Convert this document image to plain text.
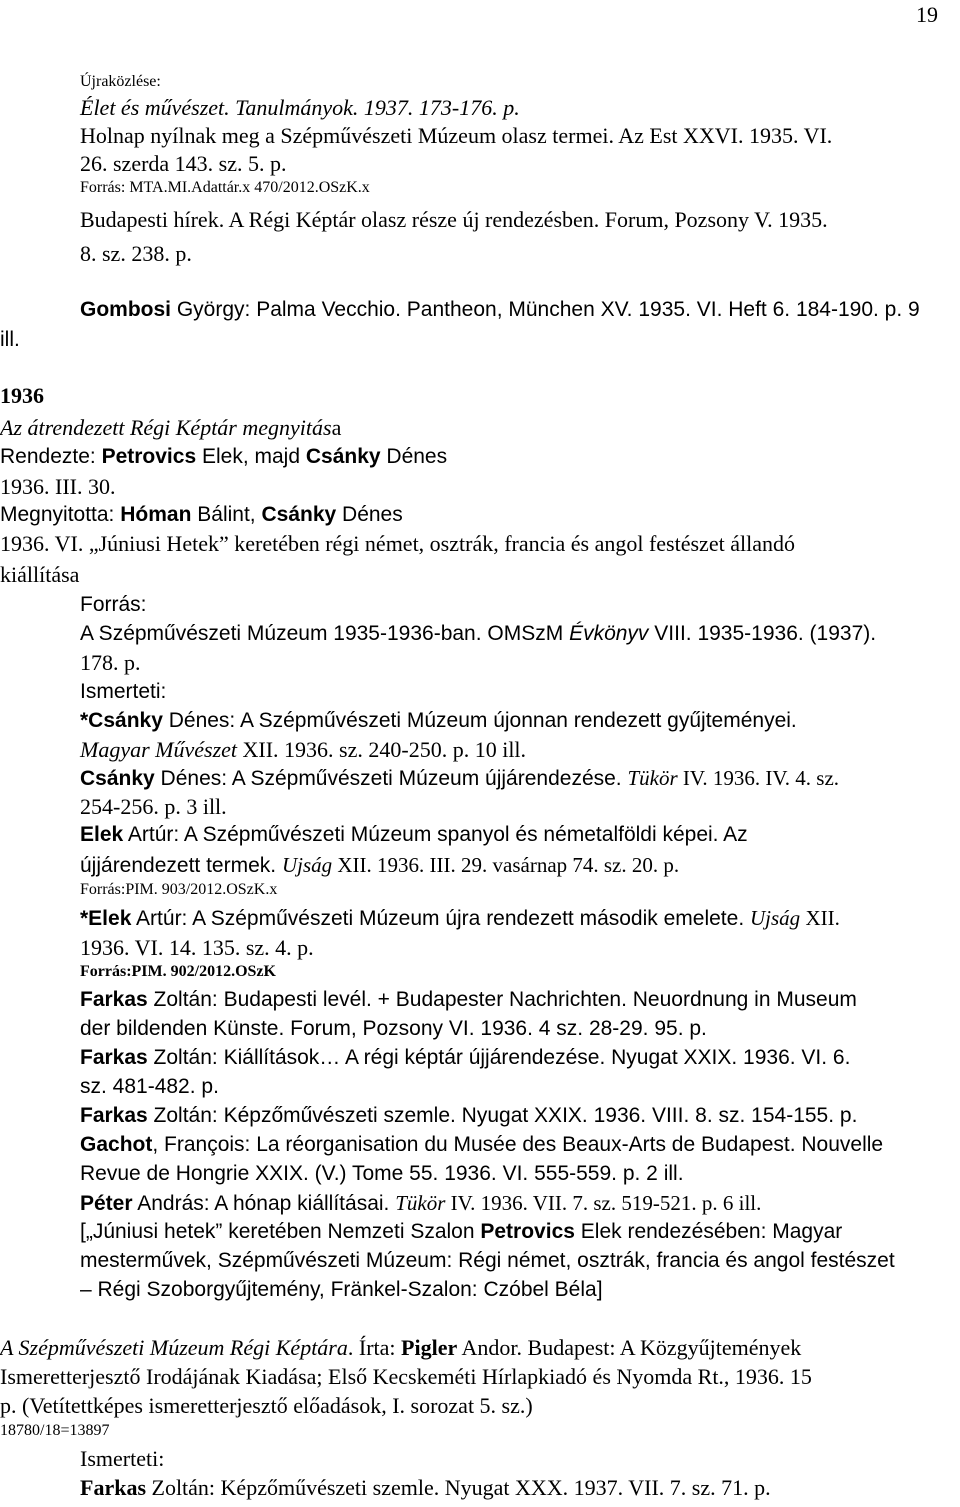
19
Újraközlése:
Élet és művészet. Tanulmányok. 1937. 173-176. p.
Holnap nyílnak meg a Szépművészeti Múzeum olasz termei. Az Est XXVI. 1935. VI.
26. szerda 143. sz. 5. p.
Forrás: MTA.MI.Adattár.x 470/2012.OSzK.x
Budapesti hírek. A Régi Képtár olasz része új rendezésben. Forum, Pozsony V. 1935.
8. sz. 238. p.
Gombosi György: Palma Vecchio. Pantheon, München XV. 1935. VI. Heft 6. 184-190. p. 9
ill.
1936
Az átrendezett Régi Képtár megnyitása
Rendezte: Petrovics Elek, majd Csánky Dénes
1936. III. 30.
Megnyitotta: Hóman Bálint, Csánky Dénes
1936. VI. „Júniusi Hetek” keretében régi német, osztrák, francia és angol festészet állandó
kiállítása
Forrás:
A Szépművészeti Múzeum 1935-1936-ban. OMSzM Évkönyv VIII. 1935-1936. (1937).
178. p.
Ismerteti:
*Csánky Dénes: A Szépművészeti Múzeum újonnan rendezett gyűjteményei.
Magyar Művészet XII. 1936. sz. 240-250. p. 10 ill.
Csánky Dénes: A Szépművészeti Múzeum újjárendezése. Tükör IV. 1936. IV. 4. sz.
254-256. p. 3 ill.
Elek Artúr: A Szépművészeti Múzeum spanyol és németalföldi képei. Az
újjárendezett termek. Ujság XII. 1936. III. 29. vasárnap 74. sz. 20. p.
Forrás:PIM. 903/2012.OSzK.x
*Elek Artúr: A Szépművészeti Múzeum újra rendezett második emelete. Ujság XII.
1936. VI. 14. 135. sz. 4. p.
Forrás:PIM. 902/2012.OSzK
Farkas Zoltán: Budapesti levél. + Budapester Nachrichten. Neuordnung in Museum
der bildenden Künste. Forum, Pozsony VI. 1936. 4 sz. 28-29. 95. p.
Farkas Zoltán: Kiállítások… A régi képtár újjárendezése. Nyugat XXIX. 1936. VI. 6.
sz. 481-482. p.
Farkas Zoltán: Képzőművészeti szemle. Nyugat XXIX. 1936. VIII. 8. sz. 154-155. p.
Gachot, François: La réorganisation du Musée des Beaux-Arts de Budapest. Nouvelle
Revue de Hongrie XXIX. (V.) Tome 55. 1936. VI. 555-559. p. 2 ill.
Péter András: A hónap kiállításai. Tükör IV. 1936. VII. 7. sz. 519-521. p. 6 ill.
[„Júniusi hetek” keretében Nemzeti Szalon Petrovics Elek rendezésében: Magyar
mesterművek, Szépművészeti Múzeum: Régi német, osztrák, francia és angol festészet
– Régi Szoborgyűjtemény, Fränkel-Szalon: Czóbel Béla]
A Szépművészeti Múzeum Régi Képtára. Írta: Pigler Andor. Budapest: A Közgyűjtemények
Ismeretterjesztő Irodájának Kiadása; Első Kecskeméti Hírlapkiadó és Nyomda Rt., 1936. 15
p. (Vetítettképes ismeretterjesztő előadások, I. sorozat 5. sz.)
18780/18=13897
Ismerteti:
Farkas Zoltán: Képzőművészeti szemle. Nyugat XXX. 1937. VII. 7. sz. 71. p.
